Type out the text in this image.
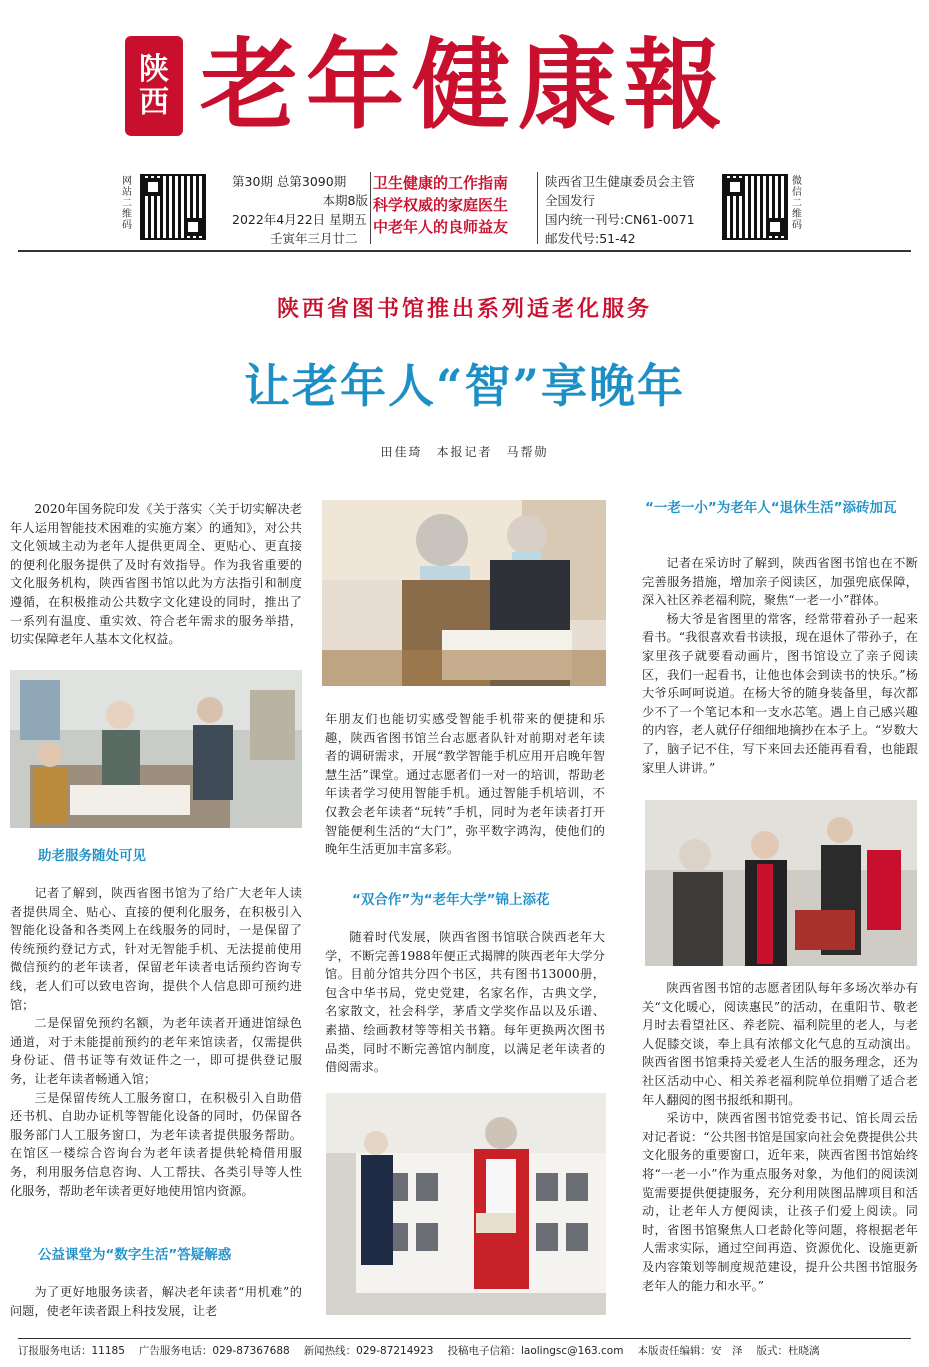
陕
西 老年健康報
网站二维码
第30期 总第3090期
本期8版
2022年4月22日 星期五
壬寅年三月廿二
卫生健康的工作指南
科学权威的家庭医生
中老年人的良师益友
陕西省卫生健康委员会主管
全国发行
国内统一刊号:CN61-0071
邮发代号:51-42
微信二维码
陕西省图书馆推出系列适老化服务
让老年人“智”享晚年
田佳琦　本报记者　马帮勋

2020年国务院印发《关于落实〈关于切实解决老年人运用智能技术困难的实施方案〉的通知》，对公共文化领域主动为老年人提供更周全、更贴心、更直接的便利化服务提供了及时有效指导。作为我省重要的文化服务机构，陕西省图书馆以此为方法指引和制度遵循，在积极推动公共数字文化建设的同时，推出了一系列有温度、重实效、符合老年需求的服务举措，切实保障老年人基本文化权益。

助老服务随处可见

记者了解到，陕西省图书馆为了给广大老年人读者提供周全、贴心、直接的便利化服务，在积极引入智能化设备和各类网上在线服务的同时，一是保留了传统预约登记方式，针对无智能手机、无法提前使用微信预约的老年读者，保留老年读者电话预约咨询专线，老人们可以致电咨询，提供个人信息即可预约进馆；

二是保留免预约名额，为老年读者开通进馆绿色通道，对于未能提前预约的老年来馆读者，仅需提供身份证、借书证等有效证件之一，即可提供登记服务，让老年读者畅通入馆；

三是保留传统人工服务窗口，在积极引入自助借还书机、自助办证机等智能化设备的同时，仍保留各服务部门人工服务窗口，为老年读者提供服务帮助。在馆区一楼综合咨询台为老年读者提供轮椅借用服务，利用服务信息咨询、人工帮扶、各类引导等人性化服务，帮助老年读者更好地使用馆内资源。

公益课堂为“数字生活”答疑解惑

为了更好地服务读者，解决老年读者“用机难”的问题，使老年读者跟上科技发展，让老

年朋友们也能切实感受智能手机带来的便捷和乐趣，陕西省图书馆兰台志愿者队针对前期对老年读者的调研需求，开展“教学智能手机应用开启晚年智慧生活”课堂。通过志愿者们一对一的培训，帮助老年读者学习使用智能手机。通过智能手机培训，不仅教会老年读者“玩转”手机，同时为老年读者打开智能便利生活的“大门”，弥平数字鸿沟，使他们的晚年生活更加丰富多彩。

“双合作”为“老年大学”锦上添花

随着时代发展，陕西省图书馆联合陕西老年大学，不断完善1988年便正式揭牌的陕西老年大学分馆。目前分馆共分四个书区，共有图书13000册，包含中华书局，党史党建，名家名作，古典文学，名家散文，社会科学，茅盾文学奖作品以及乐谱、素描、绘画教材等等相关书籍。每年更换两次图书品类，同时不断完善馆内制度，以满足老年读者的借阅需求。

“一老一小”为老年人“退休生活”添砖加瓦

记者在采访时了解到，陕西省图书馆也在不断完善服务措施，增加亲子阅读区，加强兜底保障，深入社区养老福利院，聚焦“一老一小”群体。

杨大爷是省图里的常客，经常带着孙子一起来看书。“我很喜欢看书读报，现在退休了带孙子，在家里孩子就要看动画片，图书馆设立了亲子阅读区，我们一起看书，让他也体会到读书的快乐。”杨大爷乐呵呵说道。在杨大爷的随身装备里，每次都少不了一个笔记本和一支水芯笔。遇上自己感兴趣的内容，老人就仔仔细细地摘抄在本子上。“岁数大了，脑子记不住，写下来回去还能再看看，也能跟家里人讲讲。”

陕西省图书馆的志愿者团队每年多场次举办有关“文化暖心，阅读惠民”的活动，在重阳节、敬老月时去看望社区、养老院、福利院里的老人，与老人促膝交谈，奉上具有浓郁文化气息的互动演出。陕西省图书馆秉持关爱老人生活的服务理念，还为社区活动中心、相关养老福利院单位捐赠了适合老年人翻阅的图书报纸和期刊。

采访中，陕西省图书馆党委书记、馆长周云岳对记者说：“公共图书馆是国家向社会免费提供公共文化服务的重要窗口，近年来，陕西省图书馆始终将“一老一小”作为重点服务对象，为他们的阅读浏览需要提供便捷服务，充分利用陕图品牌项目和活动，让老年人方便阅读，让孩子们爱上阅读。同时，省图书馆聚焦人口老龄化等问题，将根据老年人需求实际，通过空间再造、资源优化、设施更新及内容策划等制度规范建设，提升公共图书馆服务老年人的能力和水平。”

订报服务电话：11185 广告服务电话：029-87367688 新闻热线：029-87214923 投稿电子信箱：laolingsc@163.com 本版责任编辑：安　泽 版式：杜晓漓
